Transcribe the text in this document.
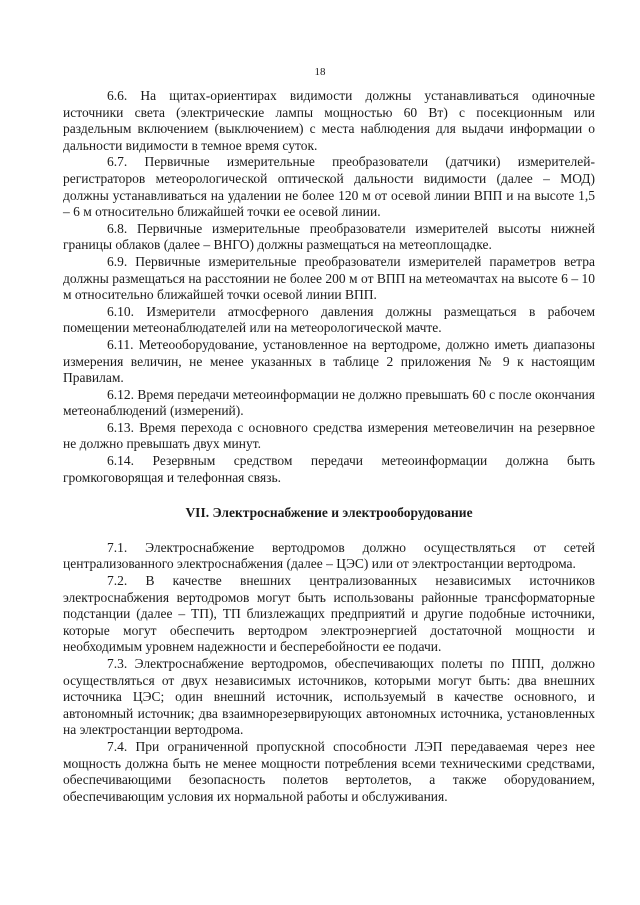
18

6.6. На щитах-ориентирах видимости должны устанавливаться одиночные источники света (электрические лампы мощностью 60 Вт) с посекционным или раздельным включением (выключением) с места наблюдения для выдачи информации о дальности видимости в темное время суток.

6.7. Первичные измерительные преобразователи (датчики) измерителей-регистраторов метеорологической оптической дальности видимости (далее – МОД) должны устанавливаться на удалении не более 120 м от осевой линии ВПП и на высоте 1,5 – 6 м относительно ближайшей точки ее осевой линии.

6.8. Первичные измерительные преобразователи измерителей высоты нижней границы облаков (далее – ВНГО) должны размещаться на метеоплощадке.

6.9. Первичные измерительные преобразователи измерителей параметров ветра должны размещаться на расстоянии не более 200 м от ВПП на метеомачтах на высоте 6 – 10 м относительно ближайшей точки осевой линии ВПП.

6.10. Измерители атмосферного давления должны размещаться в рабочем помещении метеонаблюдателей или на метеорологической мачте.

6.11. Метеооборудование, установленное на вертодроме, должно иметь диапазоны измерения величин, не менее указанных в таблице 2 приложения № 9 к настоящим Правилам.

6.12. Время передачи метеоинформации не должно превышать 60 с после окончания метеонаблюдений (измерений).

6.13. Время перехода с основного средства измерения метеовеличин на резервное не должно превышать двух минут.

6.14. Резервным средством передачи метеоинформации должна быть громкоговорящая и телефонная связь.

VII. Электроснабжение и электрооборудование

7.1. Электроснабжение вертодромов должно осуществляться от сетей централизованного электроснабжения (далее – ЦЭС) или от электростанции вертодрома.

7.2. В качестве внешних централизованных независимых источников электроснабжения вертодромов могут быть использованы районные трансформаторные подстанции (далее – ТП), ТП близлежащих предприятий и другие подобные источники, которые могут обеспечить вертодром электроэнергией достаточной мощности и необходимым уровнем надежности и бесперебойности ее подачи.

7.3. Электроснабжение вертодромов, обеспечивающих полеты по ППП, должно осуществляться от двух независимых источников, которыми могут быть: два внешних источника ЦЭС; один внешний источник, используемый в качестве основного, и автономный источник; два взаимнорезервирующих автономных источника, установленных на электростанции вертодрома.

7.4. При ограниченной пропускной способности ЛЭП передаваемая через нее мощность должна быть не менее мощности потребления всеми техническими средствами, обеспечивающими безопасность полетов вертолетов, а также оборудованием, обеспечивающим условия их нормальной работы и обслуживания.
